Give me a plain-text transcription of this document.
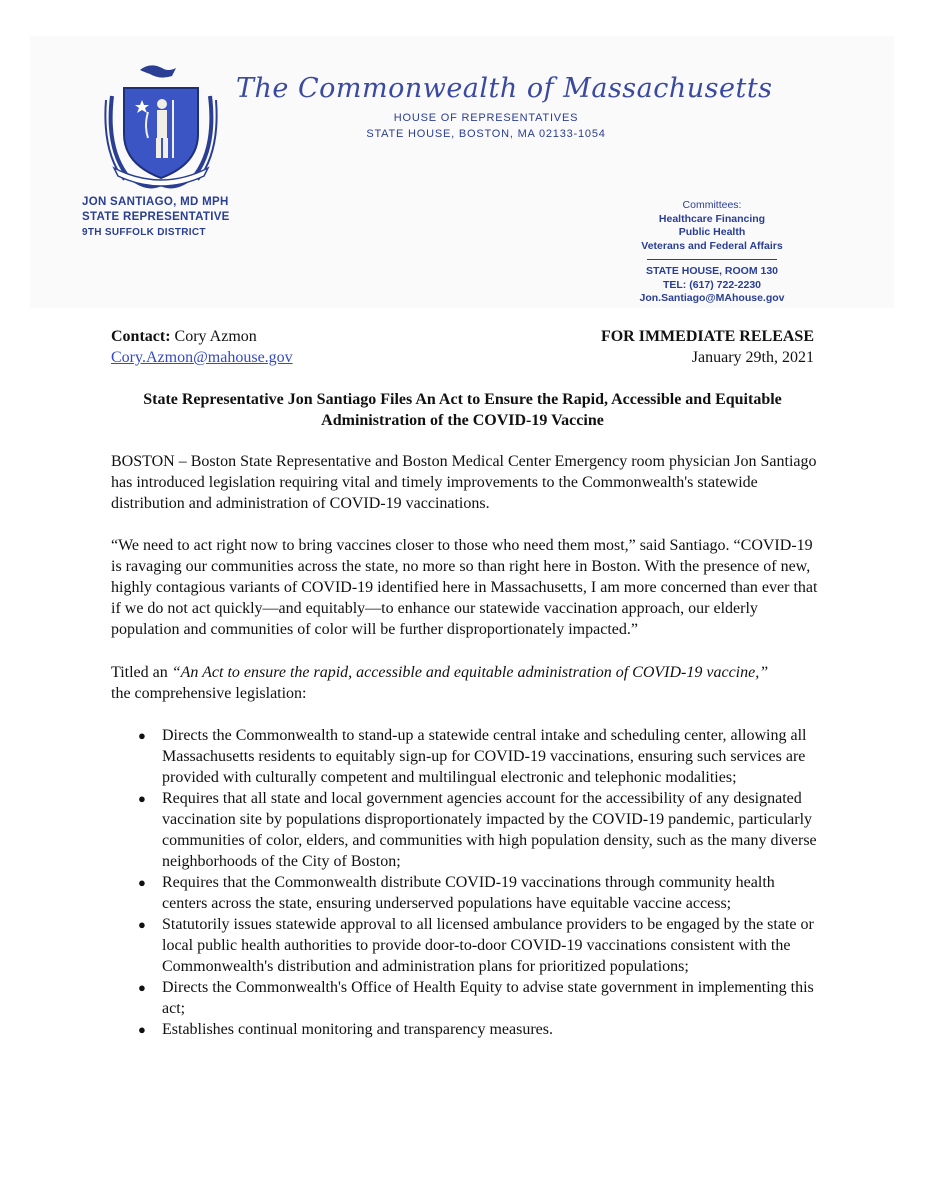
The Commonwealth of Massachusetts
HOUSE OF REPRESENTATIVES
STATE HOUSE, BOSTON, MA 02133-1054
JON SANTIAGO, MD MPH
STATE REPRESENTATIVE
9TH SUFFOLK DISTRICT
Committees:
Healthcare Financing
Public Health
Veterans and Federal Affairs
STATE HOUSE, ROOM 130
TEL: (617) 722-2230
Jon.Santiago@MAhouse.gov
Contact: Cory Azmon
Cory.Azmon@mahouse.gov
FOR IMMEDIATE RELEASE
January 29th, 2021
State Representative Jon Santiago Files An Act to Ensure the Rapid, Accessible and Equitable
Administration of the COVID-19 Vaccine

BOSTON – Boston State Representative and Boston Medical Center Emergency room physician Jon Santiago has introduced legislation requiring vital and timely improvements to the Commonwealth's statewide distribution and administration of COVID-19 vaccinations.

“We need to act right now to bring vaccines closer to those who need them most,” said Santiago. “COVID-19 is ravaging our communities across the state, no more so than right here in Boston. With the presence of new, highly contagious variants of COVID-19 identified here in Massachusetts, I am more concerned than ever that if we do not act quickly—and equitably—to enhance our statewide vaccination approach, our elderly population and communities of color will be further disproportionately impacted.”

Titled an “An Act to ensure the rapid, accessible and equitable administration of COVID-19 vaccine,”
the comprehensive legislation:

● Directs the Commonwealth to stand-up a statewide central intake and scheduling center, allowing all Massachusetts residents to equitably sign-up for COVID-19 vaccinations, ensuring such services are provided with culturally competent and multilingual electronic and telephonic modalities;
● Requires that all state and local government agencies account for the accessibility of any designated vaccination site by populations disproportionately impacted by the COVID-19 pandemic, particularly communities of color, elders, and communities with high population density, such as the many diverse neighborhoods of the City of Boston;
● Requires that the Commonwealth distribute COVID-19 vaccinations through community health centers across the state, ensuring underserved populations have equitable vaccine access;
● Statutorily issues statewide approval to all licensed ambulance providers to be engaged by the state or local public health authorities to provide door-to-door COVID-19 vaccinations consistent with the Commonwealth's distribution and administration plans for prioritized populations;
● Directs the Commonwealth's Office of Health Equity to advise state government in implementing this act;
● Establishes continual monitoring and transparency measures.
